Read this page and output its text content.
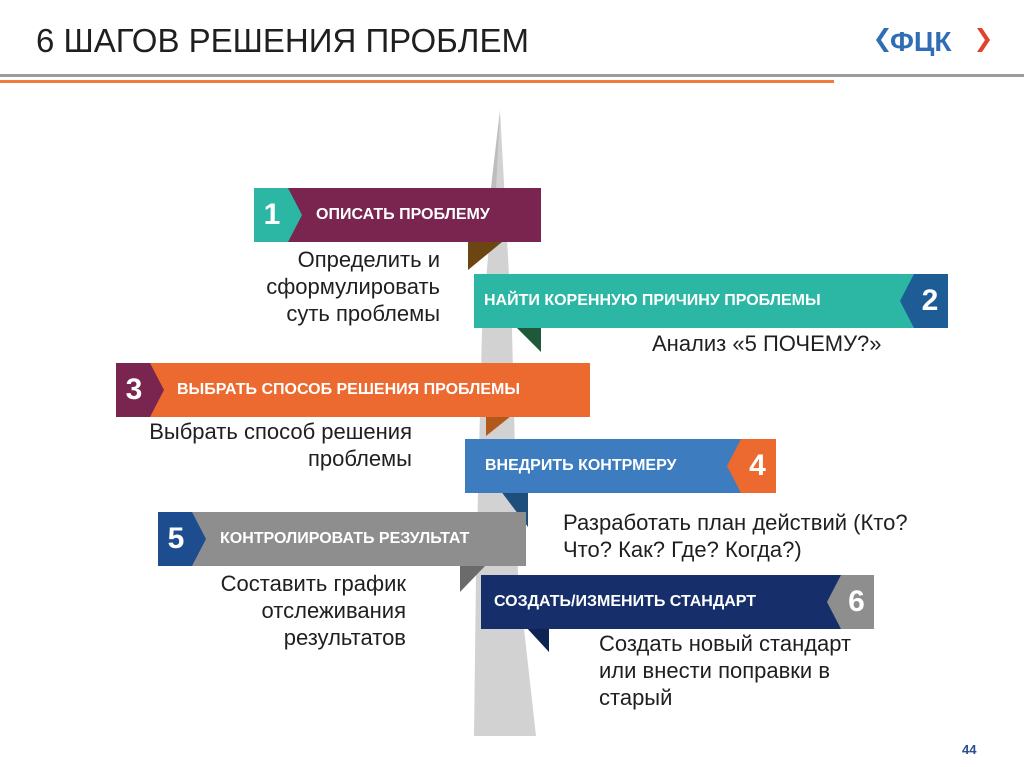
6 ШАГОВ РЕШЕНИЯ ПРОБЛЕМ	ФЦК
1	ОПИСАТЬ ПРОБЛЕМУ
Определить и
сформулировать
суть проблемы
НАЙТИ КОРЕННУЮ ПРИЧИНУ ПРОБЛЕМЫ	2
Анализ «5 ПОЧЕМУ?»
3	ВЫБРАТЬ СПОСОБ РЕШЕНИЯ ПРОБЛЕМЫ
Выбрать способ решения
проблемы	ВНЕДРИТЬ КОНТРМЕРУ	4
Разработать план действий (Кто?
Что? Как? Где? Когда?)
5	КОНТРОЛИРОВАТЬ РЕЗУЛЬТАТ
Составить график
отслеживания
результатов
СОЗДАТЬ/ИЗМЕНИТЬ СТАНДАРТ	6
Создать новый стандарт
или внести поправки в
старый
44
